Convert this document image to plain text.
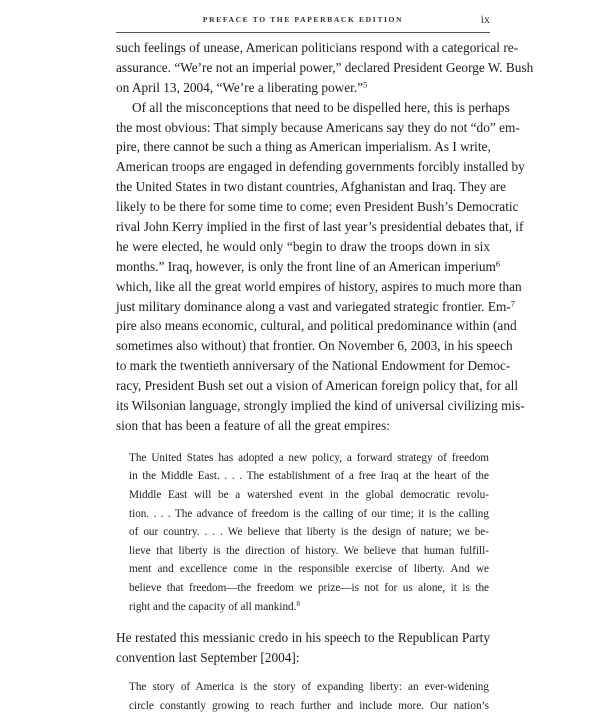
PREFACE TO THE PAPERBACK EDITION	ix
such feelings of unease, American politicians respond with a categorical re-
assurance. “We’re not an imperial power,” declared President George W. Bush
on April 13, 2004, “We’re a liberating power.”$^5$
Of all the misconceptions that need to be dispelled here, this is perhaps
the most obvious: That simply because Americans say they do not “do” em-
pire, there cannot be such a thing as American imperialism. As I write,
American troops are engaged in defending governments forcibly installed by
the United States in two distant countries, Afghanistan and Iraq. They are
likely to be there for some time to come; even President Bush’s Democratic
rival John Kerry implied in the first of last year’s presidential debates that, if
he were elected, he would only “begin to draw the troops down in six
months.” Iraq, however, is only the front line of an American imperium$^6$
which, like all the great world empires of history, aspires to much more than
just military dominance along a vast and variegated strategic frontier. Em-$^7$
pire also means economic, cultural, and political predominance within (and
sometimes also without) that frontier. On November 6, 2003, in his speech
to mark the twentieth anniversary of the National Endowment for Democ-
racy, President Bush set out a vision of American foreign policy that, for all
its Wilsonian language, strongly implied the kind of universal civilizing mis-
sion that has been a feature of all the great empires:
The United States has adopted a new policy, a forward strategy of freedom
in the Middle East. . . . The establishment of a free Iraq at the heart of the
Middle East will be a watershed event in the global democratic revolu-
tion. . . . The advance of freedom is the calling of our time; it is the calling
of our country. . . . We believe that liberty is the design of nature; we be-
lieve that liberty is the direction of history. We believe that human fulfill-
ment and excellence come in the responsible exercise of liberty. And we
believe that freedom—the freedom we prize—is not for us alone, it is the
right and the capacity of all mankind.$^8$
He restated this messianic credo in his speech to the Republican Party
convention last September [2004]:
The story of America is the story of expanding liberty: an ever-widening
circle constantly growing to reach further and include more. Our nation’s
